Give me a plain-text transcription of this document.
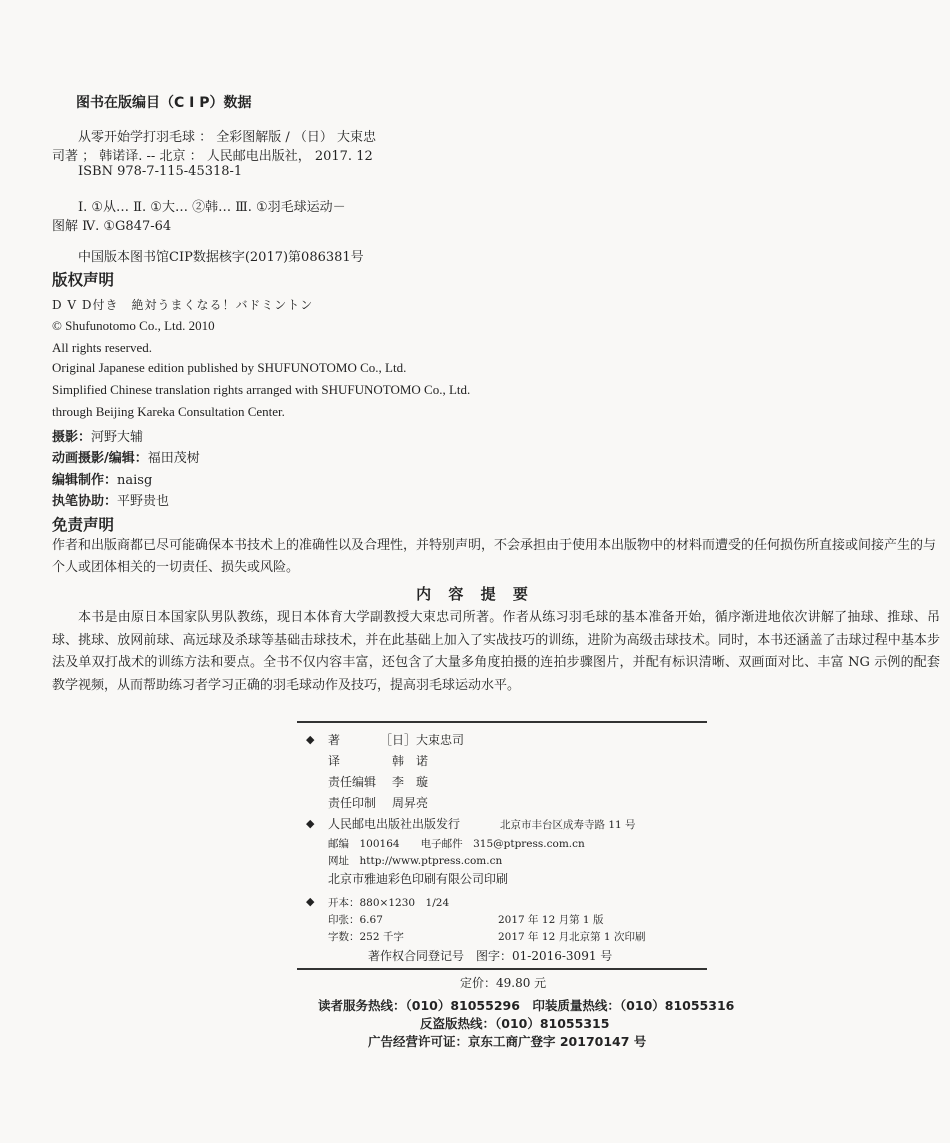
图书在版编目（C I P）数据
从零开始学打羽毛球 ： 全彩图解版 / （日） 大束忠
司著 ； 韩诺译. -- 北京 ： 人民邮电出版社， 2017. 12
ISBN 978-7-115-45318-1
Ⅰ. ①从… Ⅱ. ①大… ②韩… Ⅲ. ①羽毛球运动－
图解 Ⅳ. ①G847-64
中国版本图书馆CIP数据核字(2017)第086381号
版权声明
D V D付き　絶対うまくなる！バドミントン
© Shufunotomo Co., Ltd. 2010
All rights reserved.
Original Japanese edition published by SHUFUNOTOMO Co., Ltd.
Simplified Chinese translation rights arranged with SHUFUNOTOMO Co., Ltd.
through Beijing Kareka Consultation Center.
摄影：河野大辅
动画摄影/编辑：福田茂树
编辑制作：naisg
执笔协助：平野贵也
免责声明
作者和出版商都已尽可能确保本书技术上的准确性以及合理性，并特别声明，不会承担由于使用本出版物中的材料而遭受的任何损伤所直接或间接产生的与个人或团体相关的一切责任、损失或风险。
内 容 提 要
本书是由原日本国家队男队教练，现日本体育大学副教授大束忠司所著。作者从练习羽毛球的基本准备开始，循序渐进地依次讲解了抽球、推球、吊球、挑球、放网前球、高远球及杀球等基础击球技术，并在此基础上加入了实战技巧的训练，进阶为高级击球技术。同时，本书还涵盖了击球过程中基本步法及单双打战术的训练方法和要点。全书不仅内容丰富，还包含了大量多角度拍摄的连拍步骤图片，并配有标识清晰、双画面对比、丰富 NG 示例的配套教学视频，从而帮助练习者学习正确的羽毛球动作及技巧，提高羽毛球运动水平。
◆ 著	［日］大束忠司
译	韩　诺
责任编辑 李　璇
责任印制 周昇亮
◆ 人民邮电出版社出版发行	北京市丰台区成寿寺路 11 号
邮编　100164　　电子邮件　315@ptpress.com.cn
网址　http://www.ptpress.com.cn
北京市雅迪彩色印刷有限公司印刷
◆ 开本：880×1230　1/24
印张：6.67	2017 年 12 月第 1 版
字数：252 千字	2017 年 12 月北京第 1 次印刷
著作权合同登记号　图字：01-2016-3091 号
定价：49.80 元
读者服务热线：（010）81055296　印装质量热线：（010）81055316
反盗版热线：（010）81055315
广告经营许可证：京东工商广登字 20170147 号
